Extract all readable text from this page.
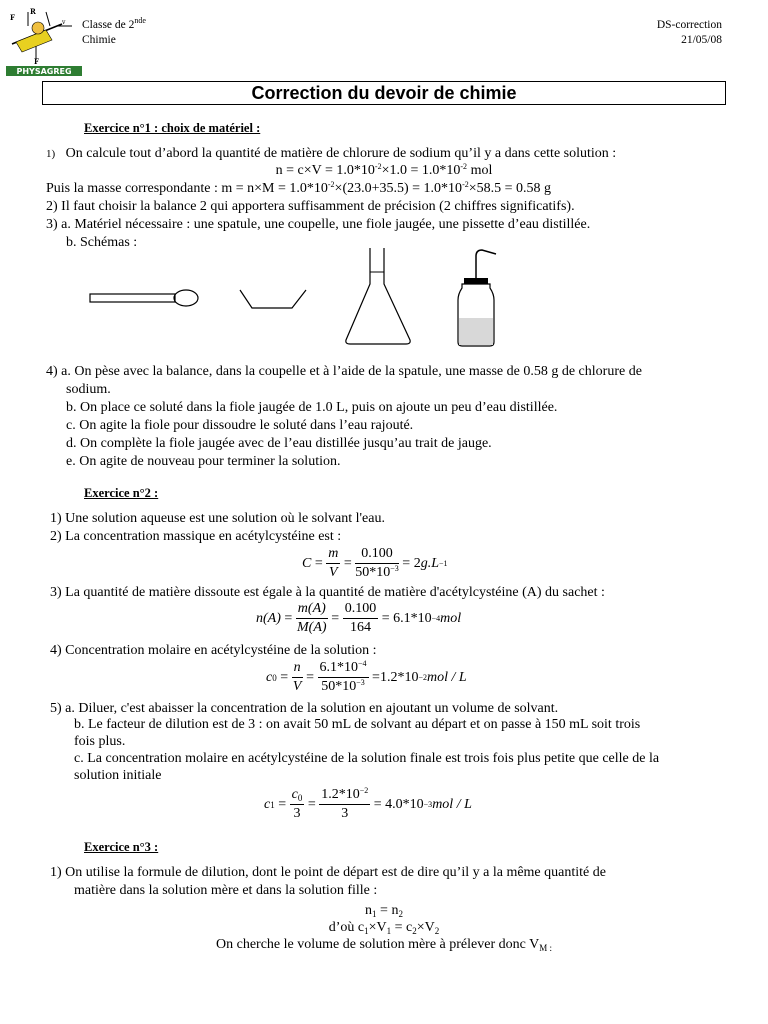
F
R
v
F
PHYSAGREG
Classe de 2nde
Chimie
DS-correction
21/05/08
Correction du devoir de chimie
Exercice n°1 : choix de matériel :
1) On calcule tout d’abord la quantité de matière de chlorure de sodium qu’il y a dans cette solution :
$n = c\times V = 1.0*10^{-2}\times 1.0 = 1.0*10^{-2}$ mol
Puis la masse correspondante : $m = n\times M = 1.0*10^{-2}\times(23.0+35.5) = 1.0*10^{-2}\times 58.5 = 0.58$ g
2) Il faut choisir la balance 2 qui apportera suffisamment de précision (2 chiffres significatifs).
3) a. Matériel nécessaire : une spatule, une coupelle, une fiole jaugée, une pissette d’eau distillée.
b. Schémas :
4) a. On pèse avec la balance, dans la coupelle et à l’aide de la spatule, une masse de 0.58 g de chlorure de
sodium.
b. On place ce soluté dans la fiole jaugée de 1.0 L, puis on ajoute un peu d’eau distillée.
c. On agite la fiole pour dissoudre le soluté dans l’eau rajouté.
d. On complète la fiole jaugée avec de l’eau distillée jusqu’au trait de jauge.
e. On agite de nouveau pour terminer la solution.
Exercice n°2 :
1) Une solution aqueuse est une solution où le solvant l'eau.
2) La concentration massique en acétylcystéine est :
$C = \frac{m}{V} = \frac{0.100}{50*10^{-3}}$
= 2 g.L −1
3) La quantité de matière dissoute est égale à la quantité de matière d'acétylcystéine (A) du sachet :
$n(A) = \frac{m(A)}{M(A)} = \frac{0.100}{164}$
= 6.1*10 −4 mol
4) Concentration molaire en acétylcystéine de la solution :
c $0 = \frac{n}{V} = \frac{6.1*10^{-4}}{50*10^{-3}}$
=1.2*10 −2 mol / L
5) a. Diluer, c'est abaisser la concentration de la solution en ajoutant un volume de solvant.
b. Le facteur de dilution est de 3 : on avait 50 mL de solvant au départ et on passe à 150 mL soit trois
fois plus.
c. La concentration molaire en acétylcystéine de la solution finale est trois fois plus petite que celle de la
solution initiale
c $1 = \frac{c_0}{3} = \frac{1.2*10^{-2}}{3}$
= 4.0*10 −3 mol / L
Exercice n°3 :
1) On utilise la formule de dilution, dont le point de départ est de dire qu’il y a la même quantité de
matière dans la solution mère et dans la solution fille :
$n_1 = n_2$
d’où $c_1\times V_1 = c_2\times V_2$
On cherche le volume de solution mère à prélever donc $V_{M :}$
